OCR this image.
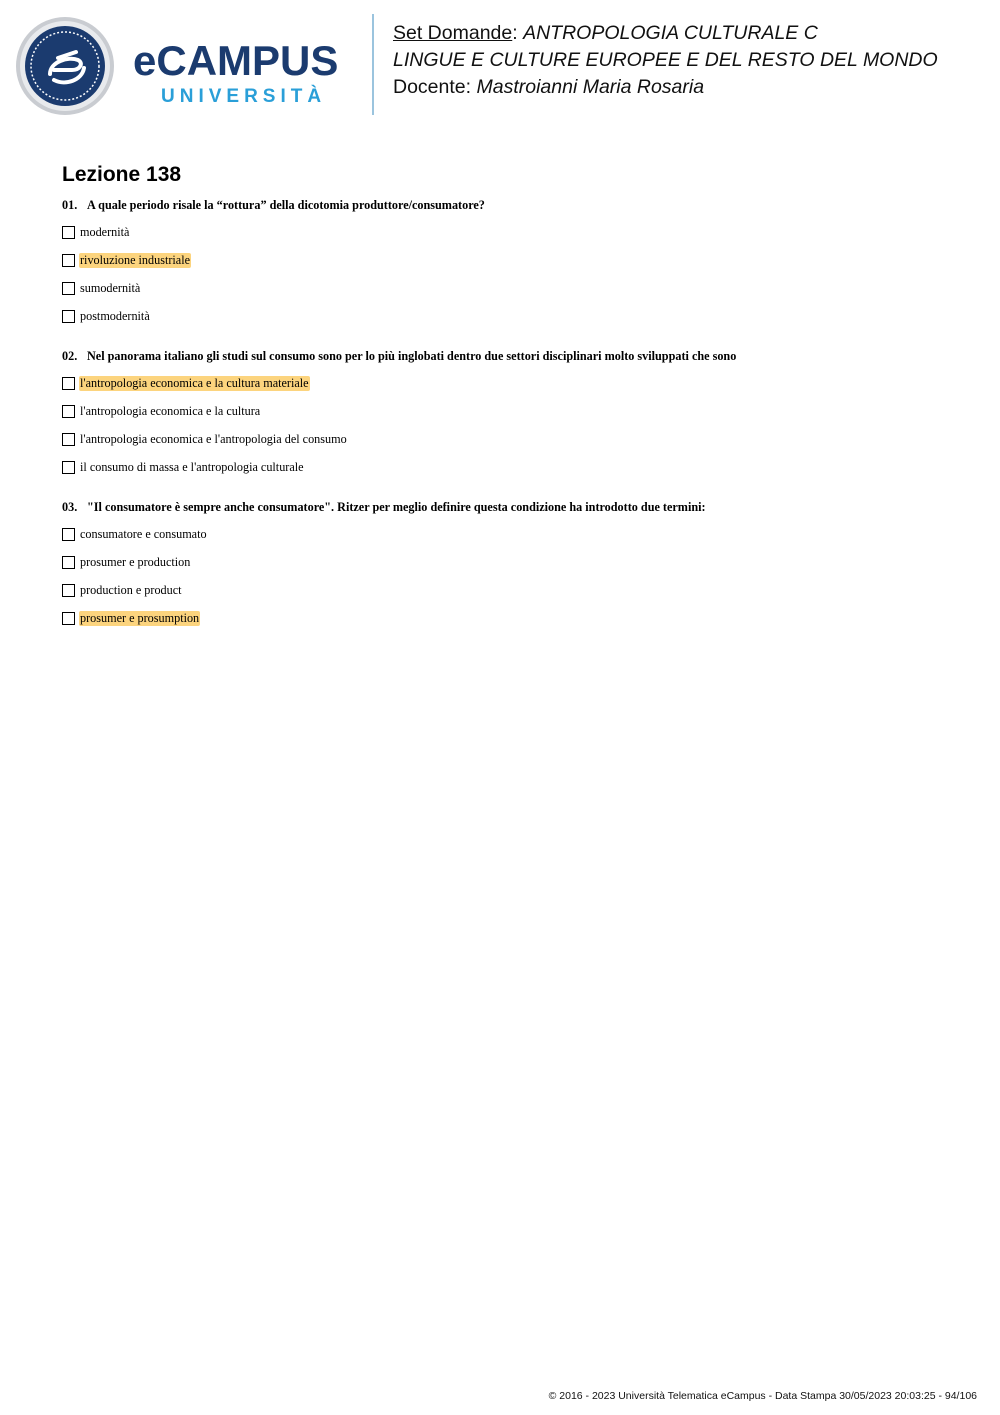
eCAMPUS
UNIVERSITÀ
Set Domande: ANTROPOLOGIA CULTURALE C
LINGUE E CULTURE EUROPEE E DEL RESTO DEL MONDO
Docente: Mastroianni Maria Rosaria
Lezione 138
01. A quale periodo risale la “rottura” della dicotomia produttore/consumatore?
modernità
rivoluzione industriale
sumodernità
postmodernità
02. Nel panorama italiano gli studi sul consumo sono per lo più inglobati dentro due settori disciplinari molto sviluppati che sono
l'antropologia economica e la cultura materiale
l'antropologia economica e la cultura
l'antropologia economica e l'antropologia del consumo
il consumo di massa e l'antropologia culturale
03. "Il consumatore è sempre anche consumatore". Ritzer per meglio definire questa condizione ha introdotto due termini:
consumatore e consumato
prosumer e production
production e product
prosumer e prosumption
© 2016 - 2023 Università Telematica eCampus - Data Stampa 30/05/2023 20:03:25 - 94/106
